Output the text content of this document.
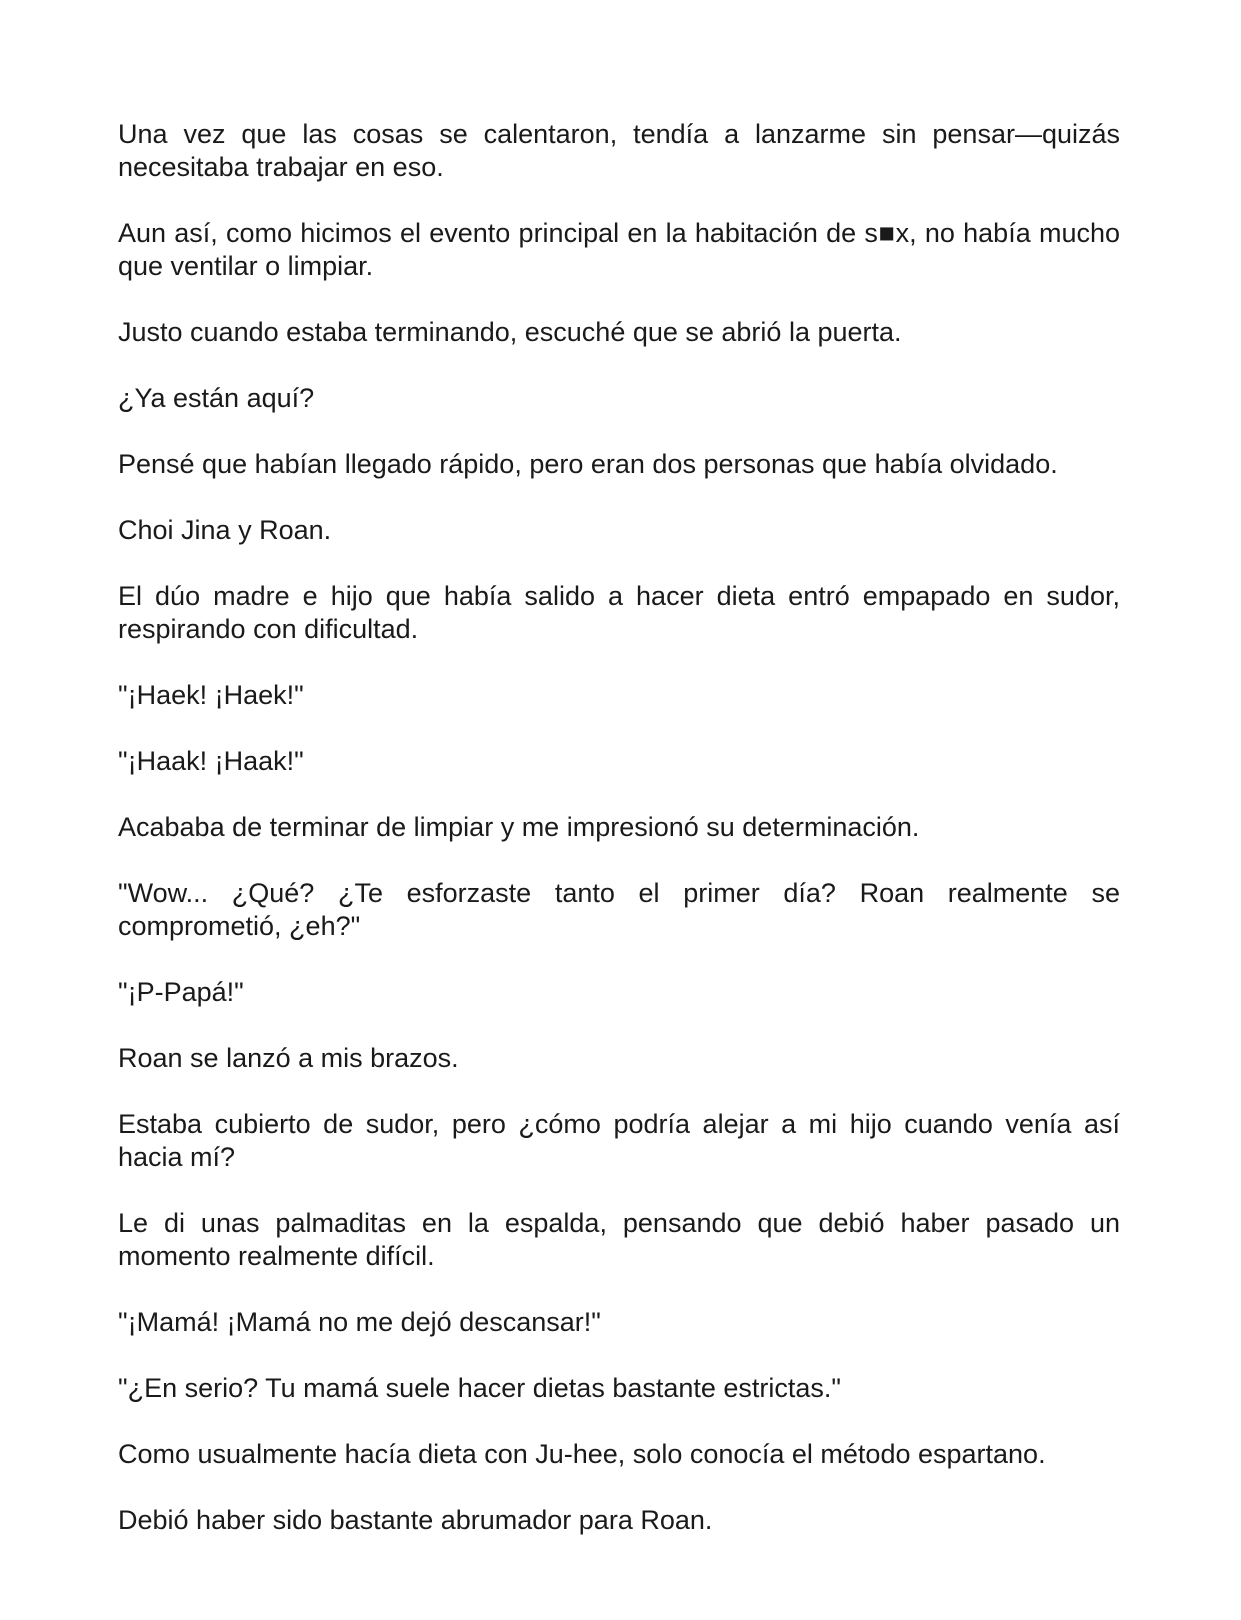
Una vez que las cosas se calentaron, tendía a lanzarme sin pensar—quizás necesitaba trabajar en eso.

Aun así, como hicimos el evento principal en la habitación de s■x, no había mucho que ventilar o limpiar.

Justo cuando estaba terminando, escuché que se abrió la puerta.

¿Ya están aquí?

Pensé que habían llegado rápido, pero eran dos personas que había olvidado.

Choi Jina y Roan.

El dúo madre e hijo que había salido a hacer dieta entró empapado en sudor, respirando con dificultad.

"¡Haek! ¡Haek!"

"¡Haak! ¡Haak!"

Acababa de terminar de limpiar y me impresionó su determinación.

"Wow... ¿Qué? ¿Te esforzaste tanto el primer día? Roan realmente se comprometió, ¿eh?"

"¡P-Papá!"

Roan se lanzó a mis brazos.

Estaba cubierto de sudor, pero ¿cómo podría alejar a mi hijo cuando venía así hacia mí?

Le di unas palmaditas en la espalda, pensando que debió haber pasado un momento realmente difícil.

"¡Mamá! ¡Mamá no me dejó descansar!"

"¿En serio? Tu mamá suele hacer dietas bastante estrictas."

Como usualmente hacía dieta con Ju-hee, solo conocía el método espartano.

Debió haber sido bastante abrumador para Roan.
